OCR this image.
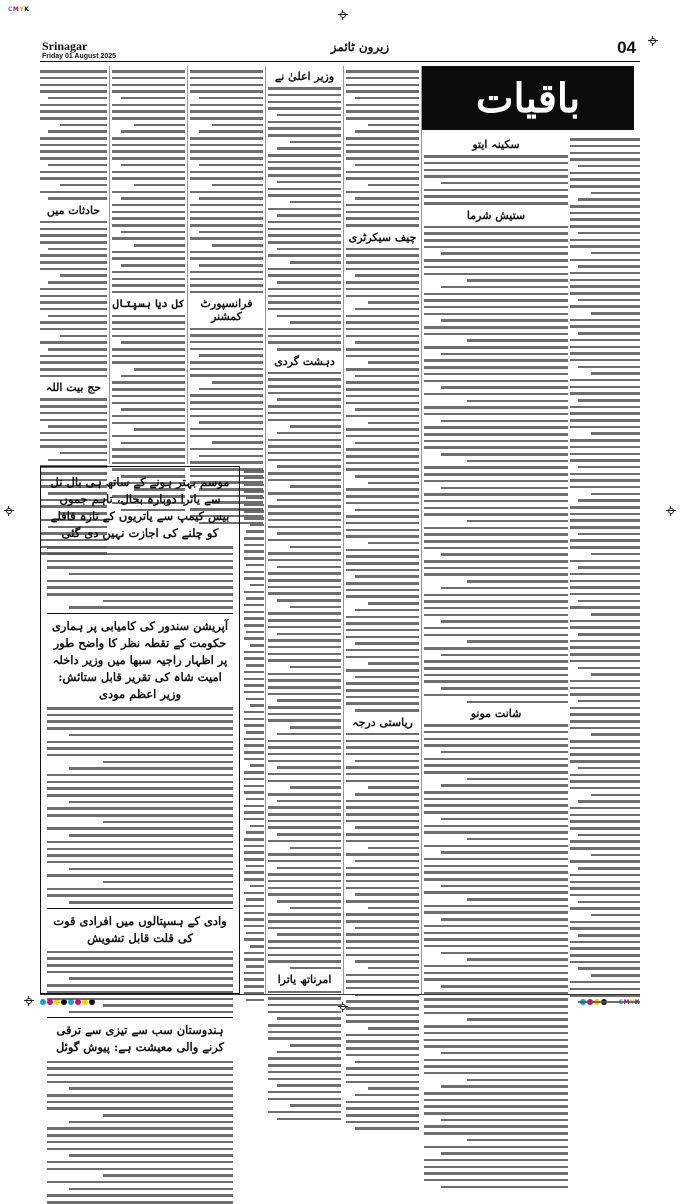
CMYK
Srinagar
Friday 01 August 2025
زیرون ٹائمز	04
باقیات
سکینہ ایتو
ستیش شرما
شانت مونو
چیف سیکرٹری
ریاستی درجہ
وزیر اعلیٰ نے
دہشت گردی
امرناتھ یاترا
فرانسپورٹ کمشنر
کل دیا ہسپتال
حادثات میں
حج بیت اللہ
موسم بہتر ہونے کے ساتھ ہی بال تل سے یاترا دوبارہ بحال، تاہم جموں بیس کیمپ سے یاتریوں کے تازہ قافلے کو چلنے کی اجازت نہیں دی گئی
آپریشن سندور کی کامیابی پر ہماری حکومت کے تقطہ نظر کا واضح طور پر اظہار راجیہ سبھا میں وزیر داخلہ امیت شاہ کی تقریر قابل ستائش: وزیر اعظم مودی
وادی کے ہسپتالوں میں افرادی قوت کی قلت قابل تشویش
ہندوستان سب سے تیزی سے ترقی کرنے والی معیشت ہے: پیوش گوئل
